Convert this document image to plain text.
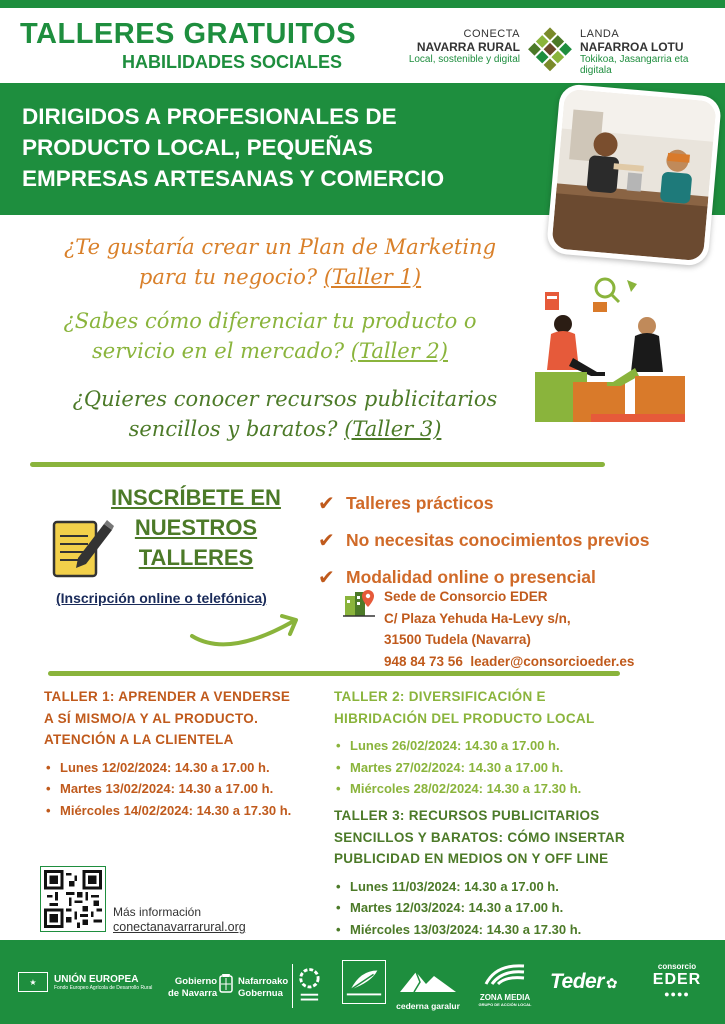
TALLERES GRATUITOS
HABILIDADES SOCIALES
CONECTA
NAVARRA RURAL
Local, sostenible y digital
LANDA
NAFARROA LOTU
Tokikoa, Jasangarria eta digitala
DIRIGIDOS A PROFESIONALES DE
PRODUCTO LOCAL, PEQUEÑAS
EMPRESAS ARTESANAS Y COMERCIO
¿Te gustaría crear un Plan de Marketing
para tu negocio? (Taller 1)
¿Sabes cómo diferenciar tu producto o
servicio en el mercado? (Taller 2)
¿Quieres conocer recursos publicitarios
sencillos y baratos? (Taller 3)
INSCRÍBETE EN
NUESTROS
TALLERES
(Inscripción online o telefónica)
✔ Talleres prácticos
✔ No necesitas conocimientos previos
✔ Modalidad online o presencial
Sede de Consorcio EDER
C/ Plaza Yehuda Ha-Levy s/n,
31500 Tudela (Navarra)
948 84 73 56 leader@consorcioeder.es
TALLER 1: APRENDER A VENDERSE
A SÍ MISMO/A Y AL PRODUCTO.
ATENCIÓN A LA CLIENTELA
• Lunes 12/02/2024: 14.30 a 17.00 h.
• Martes 13/02/2024: 14.30 a 17.00 h.
• Miércoles 14/02/2024: 14.30 a 17.30 h.
TALLER 2: DIVERSIFICACIÓN E
HIBRIDACIÓN DEL PRODUCTO LOCAL
• Lunes 26/02/2024: 14.30 a 17.00 h.
• Martes 27/02/2024: 14.30 a 17.00 h.
• Miércoles 28/02/2024: 14.30 a 17.30 h.
TALLER 3: RECURSOS PUBLICITARIOS
SENCILLOS Y BARATOS: CÓMO INSERTAR
PUBLICIDAD EN MEDIOS ON Y OFF LINE
• Lunes 11/03/2024: 14.30 a 17.00 h.
• Martes 12/03/2024: 14.30 a 17.00 h.
• Miércoles 13/03/2024: 14.30 a 17.30 h.
Más información
conectanavarrarural.org
★	UNIÓN EUROPEA
Fondo Europeo Agrícola de Desarrollo Rural
Gobierno
de Navarra
Nafarroako
Gobernua
cederna garalur
ZONA MEDIA
GRUPO DE ACCIÓN LOCAL
Teder ✿
consorcio
EDER
●●●●
